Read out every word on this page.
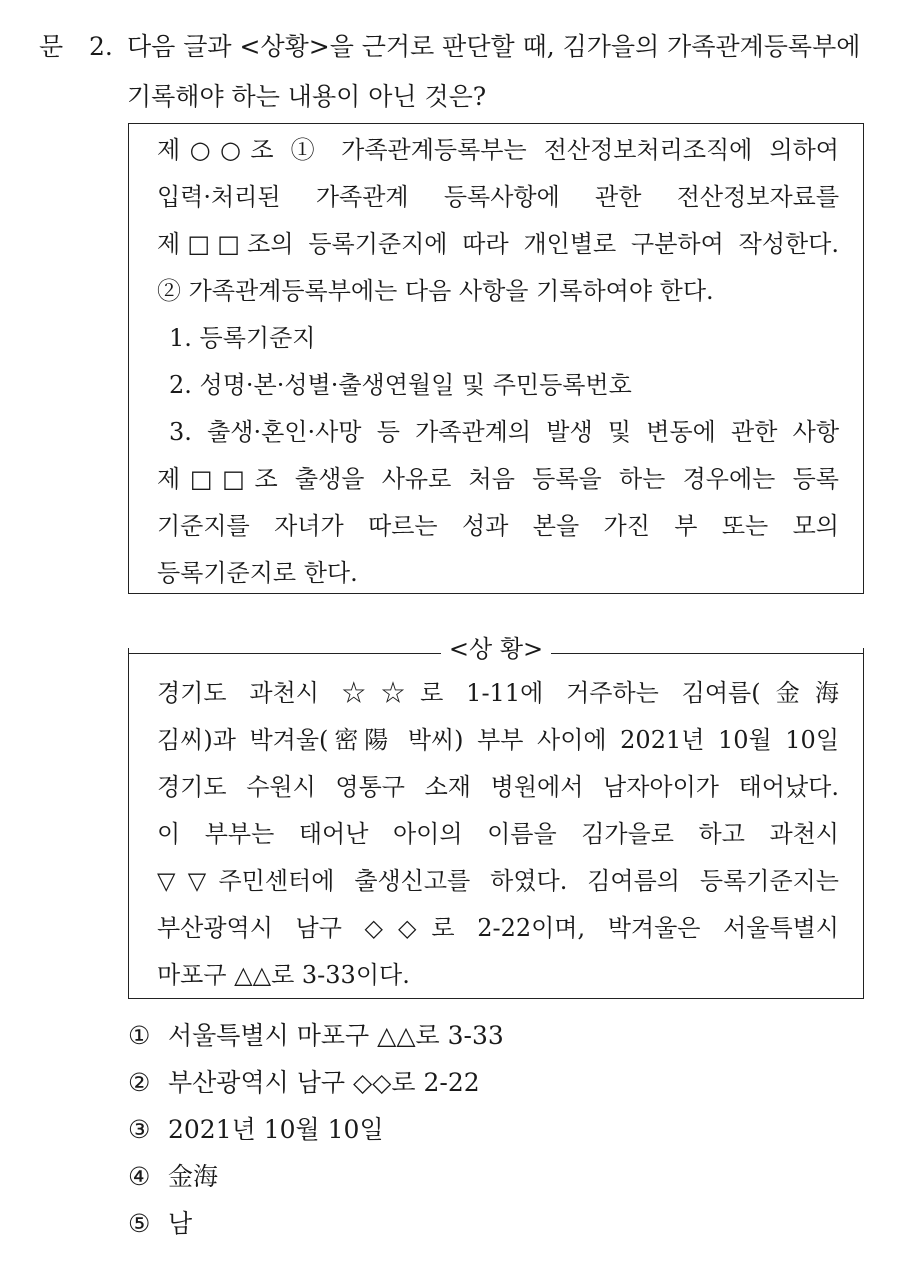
문 2. 다음 글과 <상황>을 근거로 판단할 때, 김가을의 가족관계등록부에
기록해야 하는 내용이 아닌 것은?
제○○조 ① 가족관계등록부는 전산정보처리조직에 의하여
입력·처리된 가족관계 등록사항에 관한 전산정보자료를
제□□조의 등록기준지에 따라 개인별로 구분하여 작성한다.
② 가족관계등록부에는 다음 사항을 기록하여야 한다.
1. 등록기준지
2. 성명·본·성별·출생연월일 및 주민등록번호
3. 출생·혼인·사망 등 가족관계의 발생 및 변동에 관한 사항
제□□조 출생을 사유로 처음 등록을 하는 경우에는 등록
기준지를 자녀가 따르는 성과 본을 가진 부 또는 모의
등록기준지로 한다.
<상 황>
경기도 과천시 ☆☆로 1-11에 거주하는 김여름(金海
김씨)과 박겨울(密陽 박씨) 부부 사이에 2021년 10월 10일
경기도 수원시 영통구 소재 병원에서 남자아이가 태어났다.
이 부부는 태어난 아이의 이름을 김가을로 하고 과천시
▽▽주민센터에 출생신고를 하였다. 김여름의 등록기준지는
부산광역시 남구 ◇◇로 2-22이며, 박겨울은 서울특별시
마포구 △△로 3-33이다.
① 서울특별시 마포구 △△로 3-33
② 부산광역시 남구 ◇◇로 2-22
③ 2021년 10월 10일
④ 金海
⑤ 남
